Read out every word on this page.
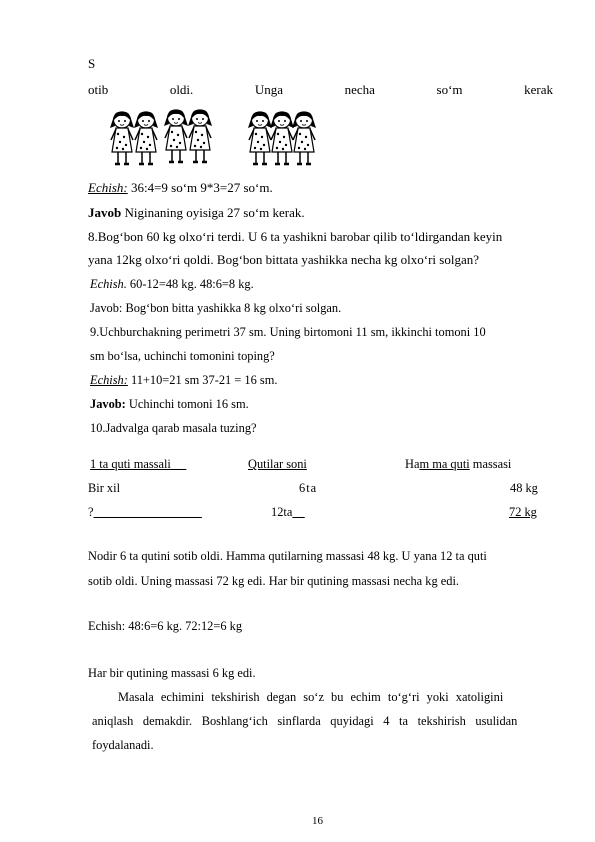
S
otib	oldi.	Unga	necha	so‘m	kerak
Echish: 36:4=9 so‘m 9*3=27 so‘m.
Javob Niginaning oyisiga 27 so‘m kerak.
8.Bog‘bon 60 kg olxo‘ri terdi. U 6 ta yashikni barobar qilib to‘ldirgandan keyin
yana 12kg olxo‘ri qoldi. Bog‘bon bittata yashikka necha kg olxo‘ri solgan?
Echish. 60-12=48 kg. 48:6=8 kg.
Javob: Bog‘bon bitta yashikka 8 kg olxo‘ri solgan.
9.Uchburchakning perimetri 37 sm. Uning birtomoni 11 sm, ikkinchi tomoni 10
sm bo‘lsa, uchinchi tomonini toping?
Echish: 11+10=21 sm 37-21 = 16 sm.
Javob: Uchinchi tomoni 16 sm.
10.Jadvalga qarab masala tuzing?
1 ta quti massali	Qutilar soni	Ham ma quti massasi
Bir xil	6ta	48 kg
?	12ta	72 kg
Nodir 6 ta qutini sotib oldi. Hamma qutilarning massasi 48 kg. U yana 12 ta quti
sotib oldi. Uning massasi 72 kg edi. Har bir qutining massasi necha kg edi.
Echish: 48:6=6 kg. 72:12=6 kg
Har bir qutining massasi 6 kg edi.
Masala echimini tekshirish degan so‘z bu echim to‘g‘ri yoki xatoligini
aniqlash demakdir. Boshlang‘ich sinflarda quyidagi 4 ta tekshirish usulidan
foydalanadi.
16
